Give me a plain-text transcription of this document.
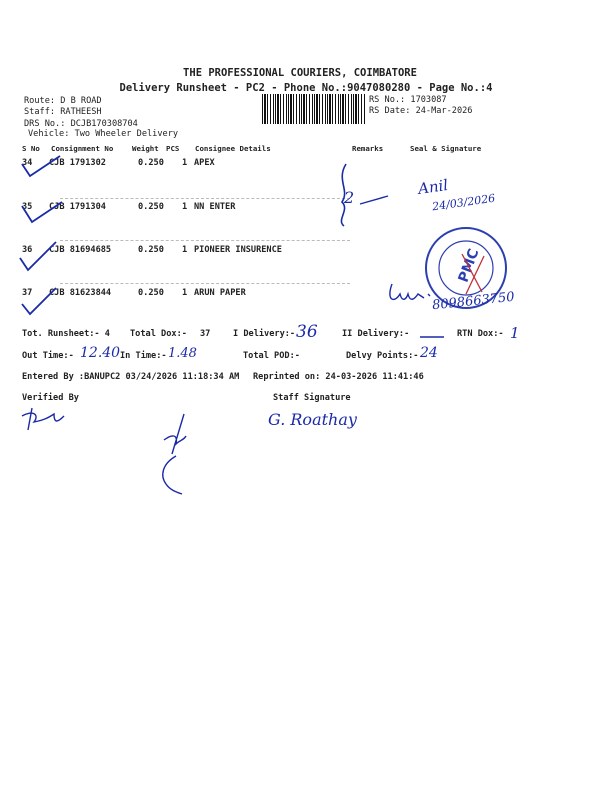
THE PROFESSIONAL COURIERS, COIMBATORE
Delivery Runsheet - PC2 - Phone No.:9047080280 - Page No.:4
Route: D B ROAD
Staff: RATHEESH
DRS No.: DCJB170308704
Vehicle: Two Wheeler Delivery
RS No.: 1703087
RS Date: 24-Mar-2026
S No Consignment No	Weight PCS Consignee Details	Remarks	Seal & Signature
34 CJB 1791302	0.250 1 APEX
35 CJB 1791304	0.250 1 NN ENTER
36 CJB 81694685	0.250 1 PIONEER INSURENCE
37 CJB 81623844	0.250 1 ARUN PAPER
2	Anil
24/03/2026
PMC
8098663750
Tot. Runsheet:- 4 Total Dox:- 37	I Delivery:- 36	II Delivery:-	RTN Dox:- 1
Out Time:- 12.40 In Time:- 1.48	Total POD:-	Delvy Points:- 24
Entered By :BANUPC2 03/24/2026 11:18:34 AM Reprinted on: 24-03-2026 11:41:46
Verified By	Staff Signature
G. Roathay
